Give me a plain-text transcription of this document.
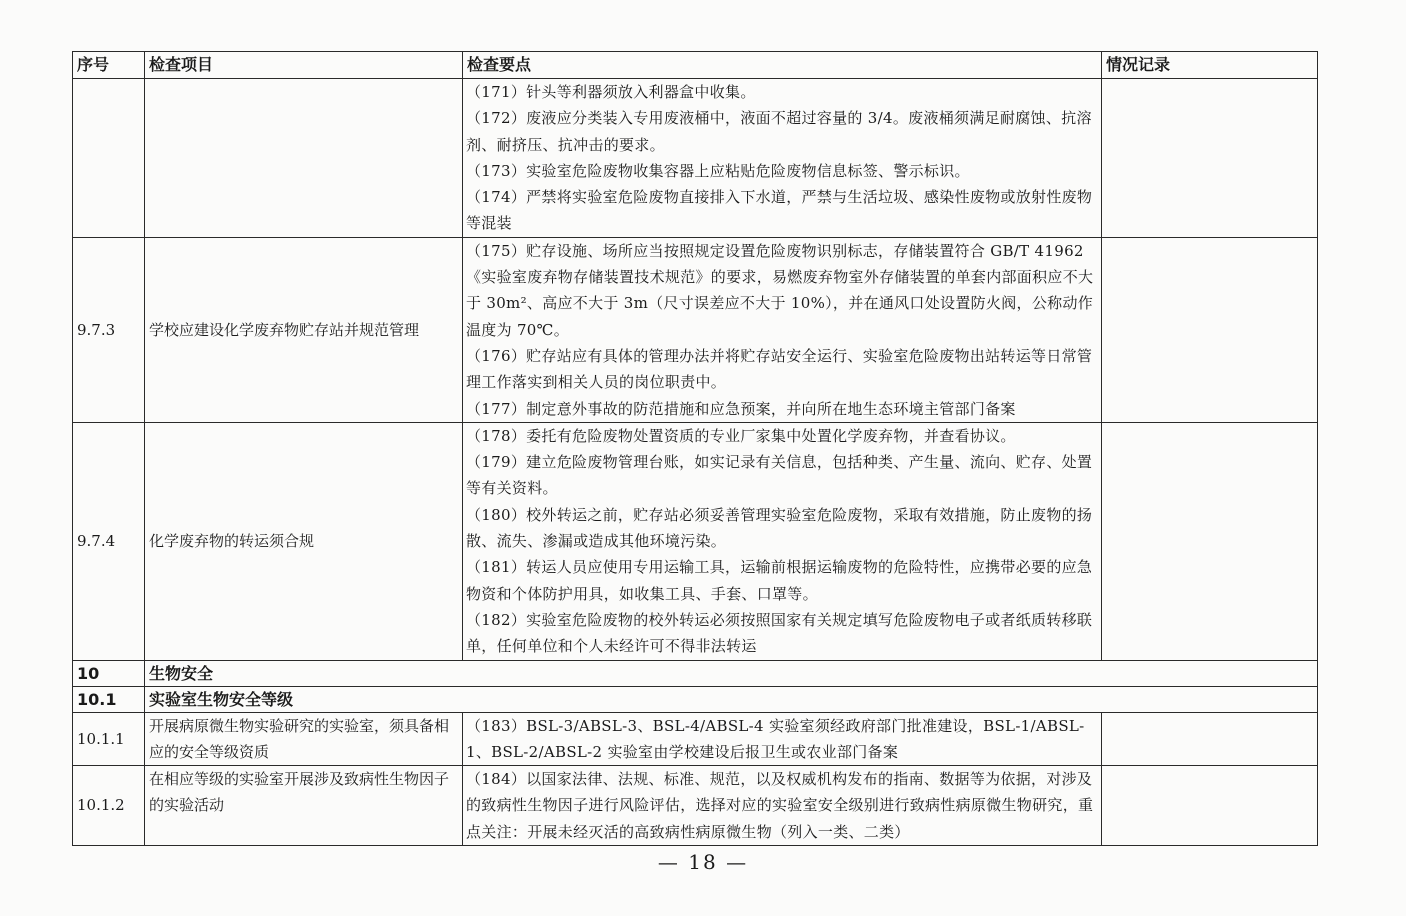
序号	检查项目	检查要点	情况记录

		（171）针头等利器须放入利器盒中收集。
（172）废液应分类装入专用废液桶中，液面不超过容量的 3/4。废液桶须满足耐腐蚀、抗溶剂、耐挤压、抗冲击的要求。
（173）实验室危险废物收集容器上应粘贴危险废物信息标签、警示标识。
（174）严禁将实验室危险废物直接排入下水道，严禁与生活垃圾、感染性废物或放射性废物等混装	

9.7.3	学校应建设化学废弃物贮存站并规范管理	（175）贮存设施、场所应当按照规定设置危险废物识别标志，存储装置符合 GB/T 41962《实验室废弃物存储装置技术规范》的要求，易燃废弃物室外存储装置的单套内部面积应不大于 30m²、高应不大于 3m（尺寸误差应不大于 10%），并在通风口处设置防火阀，公称动作温度为 70℃。
（176）贮存站应有具体的管理办法并将贮存站安全运行、实验室危险废物出站转运等日常管理工作落实到相关人员的岗位职责中。
（177）制定意外事故的防范措施和应急预案，并向所在地生态环境主管部门备案	

9.7.4	化学废弃物的转运须合规	（178）委托有危险废物处置资质的专业厂家集中处置化学废弃物，并查看协议。
（179）建立危险废物管理台账，如实记录有关信息，包括种类、产生量、流向、贮存、处置等有关资料。
（180）校外转运之前，贮存站必须妥善管理实验室危险废物，采取有效措施，防止废物的扬散、流失、渗漏或造成其他环境污染。
（181）转运人员应使用专用运输工具，运输前根据运输废物的危险特性，应携带必要的应急物资和个体防护用具，如收集工具、手套、口罩等。
（182）实验室危险废物的校外转运必须按照国家有关规定填写危险废物电子或者纸质转移联单，任何单位和个人未经许可不得非法转运	

10	生物安全		
10.1	实验室生物安全等级		
10.1.1	开展病原微生物实验研究的实验室，须具备相应的安全等级资质	（183）BSL-3/ABSL-3、BSL-4/ABSL-4 实验室须经政府部门批准建设，BSL-1/ABSL-1、BSL-2/ABSL-2 实验室由学校建设后报卫生或农业部门备案	

10.1.2	在相应等级的实验室开展涉及致病性生物因子的实验活动	（184）以国家法律、法规、标准、规范，以及权威机构发布的指南、数据等为依据，对涉及的致病性生物因子进行风险评估，选择对应的实验室安全级别进行致病性病原微生物研究，重点关注：开展未经灭活的高致病性病原微生物（列入一类、二类）	

— 18 —
